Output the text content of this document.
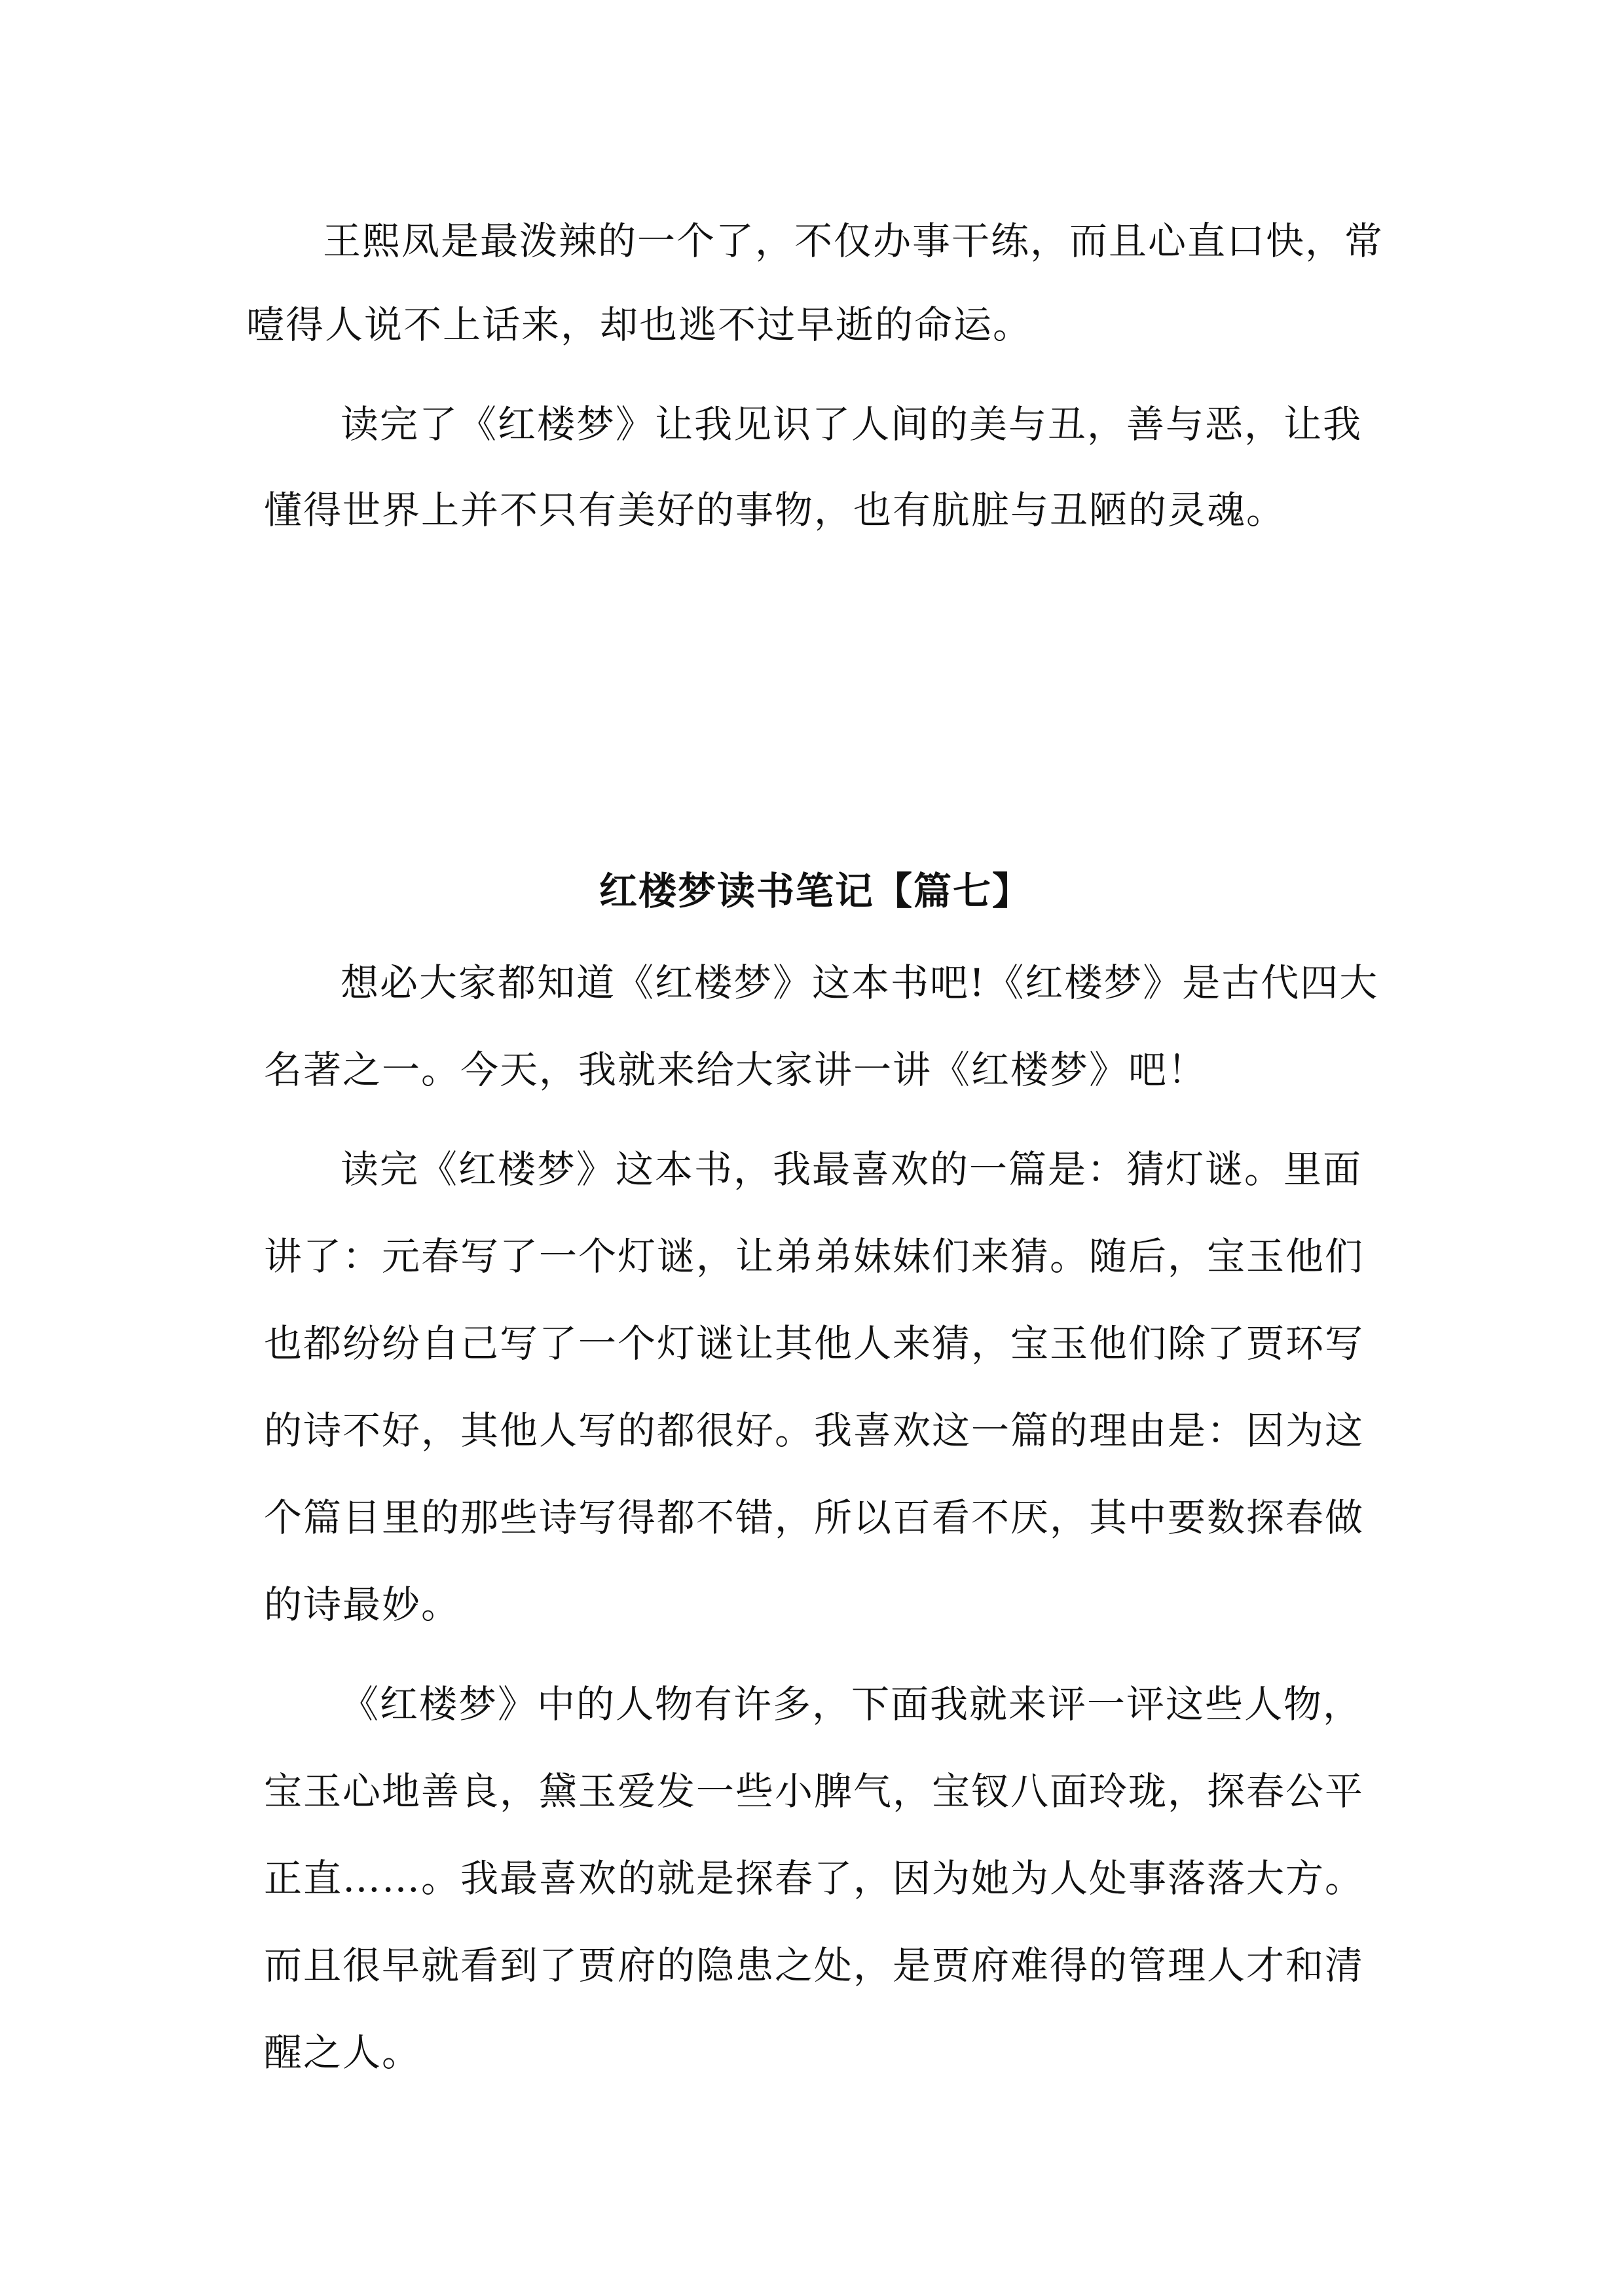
王熙凤是最泼辣的一个了，不仅办事干练，而且心直口快，常
噎得人说不上话来，却也逃不过早逝的命运。
读完了《红楼梦》让我见识了人间的美与丑，善与恶，让我
懂得世界上并不只有美好的事物，也有肮脏与丑陋的灵魂。
红楼梦读书笔记【篇七】
想必大家都知道《红楼梦》这本书吧!《红楼梦》是古代四大
名著之一。今天，我就来给大家讲一讲《红楼梦》吧！
读完《红楼梦》这本书，我最喜欢的一篇是：猜灯谜。里面
讲了：元春写了一个灯谜，让弟弟妹妹们来猜。随后，宝玉他们
也都纷纷自己写了一个灯谜让其他人来猜，宝玉他们除了贾环写
的诗不好，其他人写的都很好。我喜欢这一篇的理由是：因为这
个篇目里的那些诗写得都不错，所以百看不厌，其中要数探春做
的诗最妙。
《红楼梦》中的人物有许多，下面我就来评一评这些人物，
宝玉心地善良，黛玉爱发一些小脾气，宝钗八面玲珑，探春公平
正直……。我最喜欢的就是探春了，因为她为人处事落落大方。
而且很早就看到了贾府的隐患之处，是贾府难得的管理人才和清
醒之人。
